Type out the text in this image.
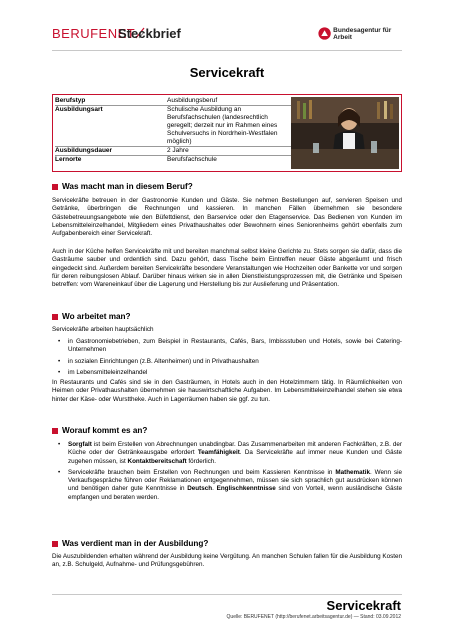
BERUFENET
Steckbrief	Bundesagentur für Arbeit
Servicekraft
Berufstyp	Ausbildungsberuf
Ausbildungsart	Schulische Ausbildung an Berufsfachschulen (landesrechtlich geregelt; derzeit nur im Rahmen eines Schulversuchs in Nordrhein-Westfalen möglich)
Ausbildungsdauer	2 Jahre
Lernorte	Berufsfachschule
Was macht man in diesem Beruf?

Servicekräfte betreuen in der Gastronomie Kunden und Gäste. Sie nehmen Bestellungen auf, servieren Speisen und Getränke, überbringen die Rechnungen und kassieren. In manchen Fällen übernehmen sie besondere Gästebetreuungsangebote wie den Büfettdienst, den Barservice oder den Etagenservice. Das Bedienen von Kunden im Lebensmitteleinzelhandel, Mitgliedern eines Privathaushaltes oder Bewohnern eines Seniorenheims gehört ebenfalls zum Aufgabenbereich einer Servicekraft.

Auch in der Küche helfen Servicekräfte mit und bereiten manchmal selbst kleine Gerichte zu. Stets sorgen sie dafür, dass die Gasträume sauber und ordentlich sind. Dazu gehört, dass Tische beim Eintreffen neuer Gäste abgeräumt und frisch eingedeckt sind. Außerdem bereiten Servicekräfte besondere Veranstaltungen wie Hochzeiten oder Bankette vor und sorgen für deren reibungslosen Ablauf. Darüber hinaus wirken sie in allen Dienstleistungsprozessen mit, die Getränke und Speisen betreffen: vom Wareneinkauf über die Lagerung und Herstellung bis zur Auslieferung und Präsentation.

Wo arbeitet man?

Servicekräfte arbeiten hauptsächlich

• in Gastronomiebetrieben, zum Beispiel in Restaurants, Cafés, Bars, Imbissstuben und Hotels, sowie bei Catering-Unternehmen
• in sozialen Einrichtungen (z.B. Altenheimen) und in Privathaushalten
• im Lebensmitteleinzelhandel

In Restaurants und Cafés sind sie in den Gasträumen, in Hotels auch in den Hotelzimmern tätig. In Räumlichkeiten von Heimen oder Privathaushalten übernehmen sie hauswirtschaftliche Aufgaben. Im Lebensmitteleinzelhandel stehen sie etwa hinter der Käse- oder Wursttheke. Auch in Lagerräumen haben sie ggf. zu tun.

Worauf kommt es an?
• Sorgfalt ist beim Erstellen von Abrechnungen unabdingbar. Das Zusammenarbeiten mit anderen Fachkräften, z.B. der Küche oder der Getränkeausgabe erfordert Teamfähigkeit. Da Servicekräfte auf immer neue Kunden und Gäste zugehen müssen, ist Kontaktbereitschaft förderlich.
• Servicekräfte brauchen beim Erstellen von Rechnungen und beim Kassieren Kenntnisse in Mathematik. Wenn sie Verkaufsgespräche führen oder Reklamationen entgegennehmen, müssen sie sich sprachlich gut ausdrücken können und benötigen daher gute Kenntnisse in Deutsch. Englischkenntnisse sind von Vorteil, wenn ausländische Gäste empfangen und beraten werden.
Was verdient man in der Ausbildung?

Die Auszubildenden erhalten während der Ausbildung keine Vergütung. An manchen Schulen fallen für die Ausbildung Kosten an, z.B. Schulgeld, Aufnahme- und Prüfungsgebühren.

Servicekraft
Quelle: BERUFENET (http://berufenet.arbeitsagentur.de) — Stand: 03.09.2012
